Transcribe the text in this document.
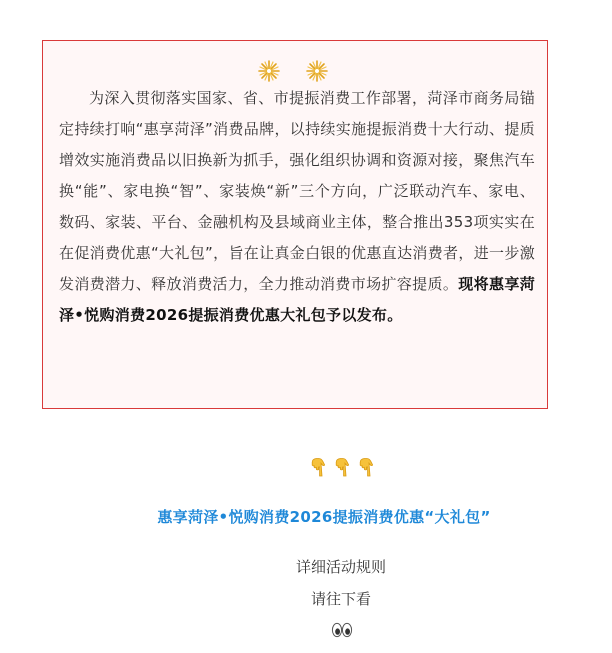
为深入贯彻落实国家、省、市提振消费工作部署，菏泽市商务局锚定持续打响“惠享菏泽”消费品牌，以持续实施提振消费十大行动、提质增效实施消费品以旧换新为抓手，强化组织协调和资源对接，聚焦汽车换“能”、家电换“智”、家装焕“新”三个方向，广泛联动汽车、家电、数码、家装、平台、金融机构及县域商业主体，整合推出353项实实在在促消费优惠“大礼包”，旨在让真金白银的优惠直达消费者，进一步激发消费潜力、释放消费活力，全力推动消费市场扩容提质。现将惠享菏泽•悦购消费2026提振消费优惠大礼包予以发布。

惠享菏泽•悦购消费2026提振消费优惠“大礼包”
详细活动规则
请往下看
